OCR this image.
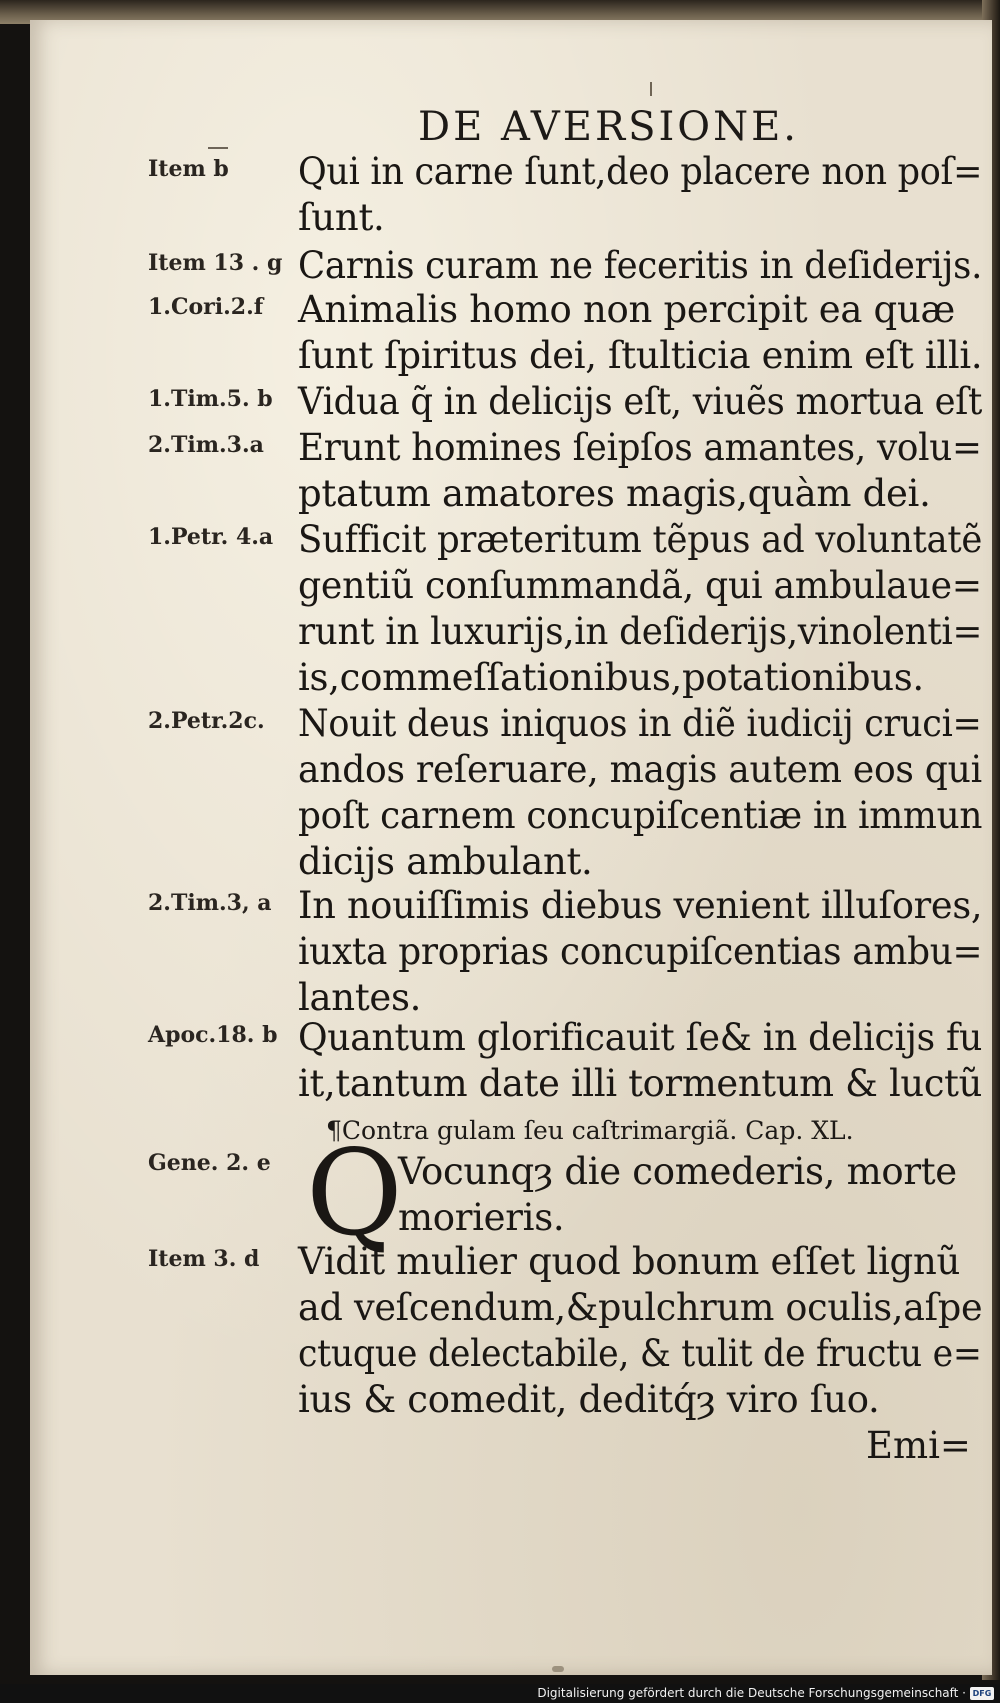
DE AVERSIONE.
Item b	Qui in carne ſunt,deo placere non poſ=
ſunt.
Item 13 . g Carnis curam ne feceritis in deſiderijs.
1.Cori.2.f Animalis homo non percipit ea quæ
ſunt ſpiritus dei, ſtulticia enim eſt illi.
1.Tim.5. b Vidua q̃ in delicijs eſt, viuẽs mortua eſt
2.Tim.3.a Erunt homines ſeipſos amantes, volu=
ptatum amatores magis,quàm dei.
1.Petr. 4.a Sufficit præteritum tẽpus ad voluntatẽ
gentiũ conſummandã, qui ambulaue=
runt in luxurijs,in deſiderijs,vinolenti=
is,commeſſationibus,potationibus.
2.Petr.2c. Nouit deus iniquos in diẽ iudicij cruci=
andos reſeruare, magis autem eos qui
poſt carnem concupiſcentiæ in immun
dicijs ambulant.
2.Tim.3, a In nouiſſimis diebus venient illuſores,
iuxta proprias concupiſcentias ambu=
lantes.
Apoc.18. b Quantum glorificauit ſe& in delicijs fu
it,tantum date illi tormentum & luctũ
¶Contra gulam ſeu caſtrimargiã. Cap. XL.
Gene. 2. e Q
Vocunqȝ die comederis, morte
morieris.
Item 3. d	Vidit mulier quod bonum eſſet lignũ
ad veſcendum,&pulchrum oculis,aſpe
ctuque delectabile, & tulit de fructu e=
ius & comedit, deditq́ȝ viro ſuo.
Emi=
Digitalisierung gefördert durch die Deutsche Forschungsgemeinschaft · DFG
